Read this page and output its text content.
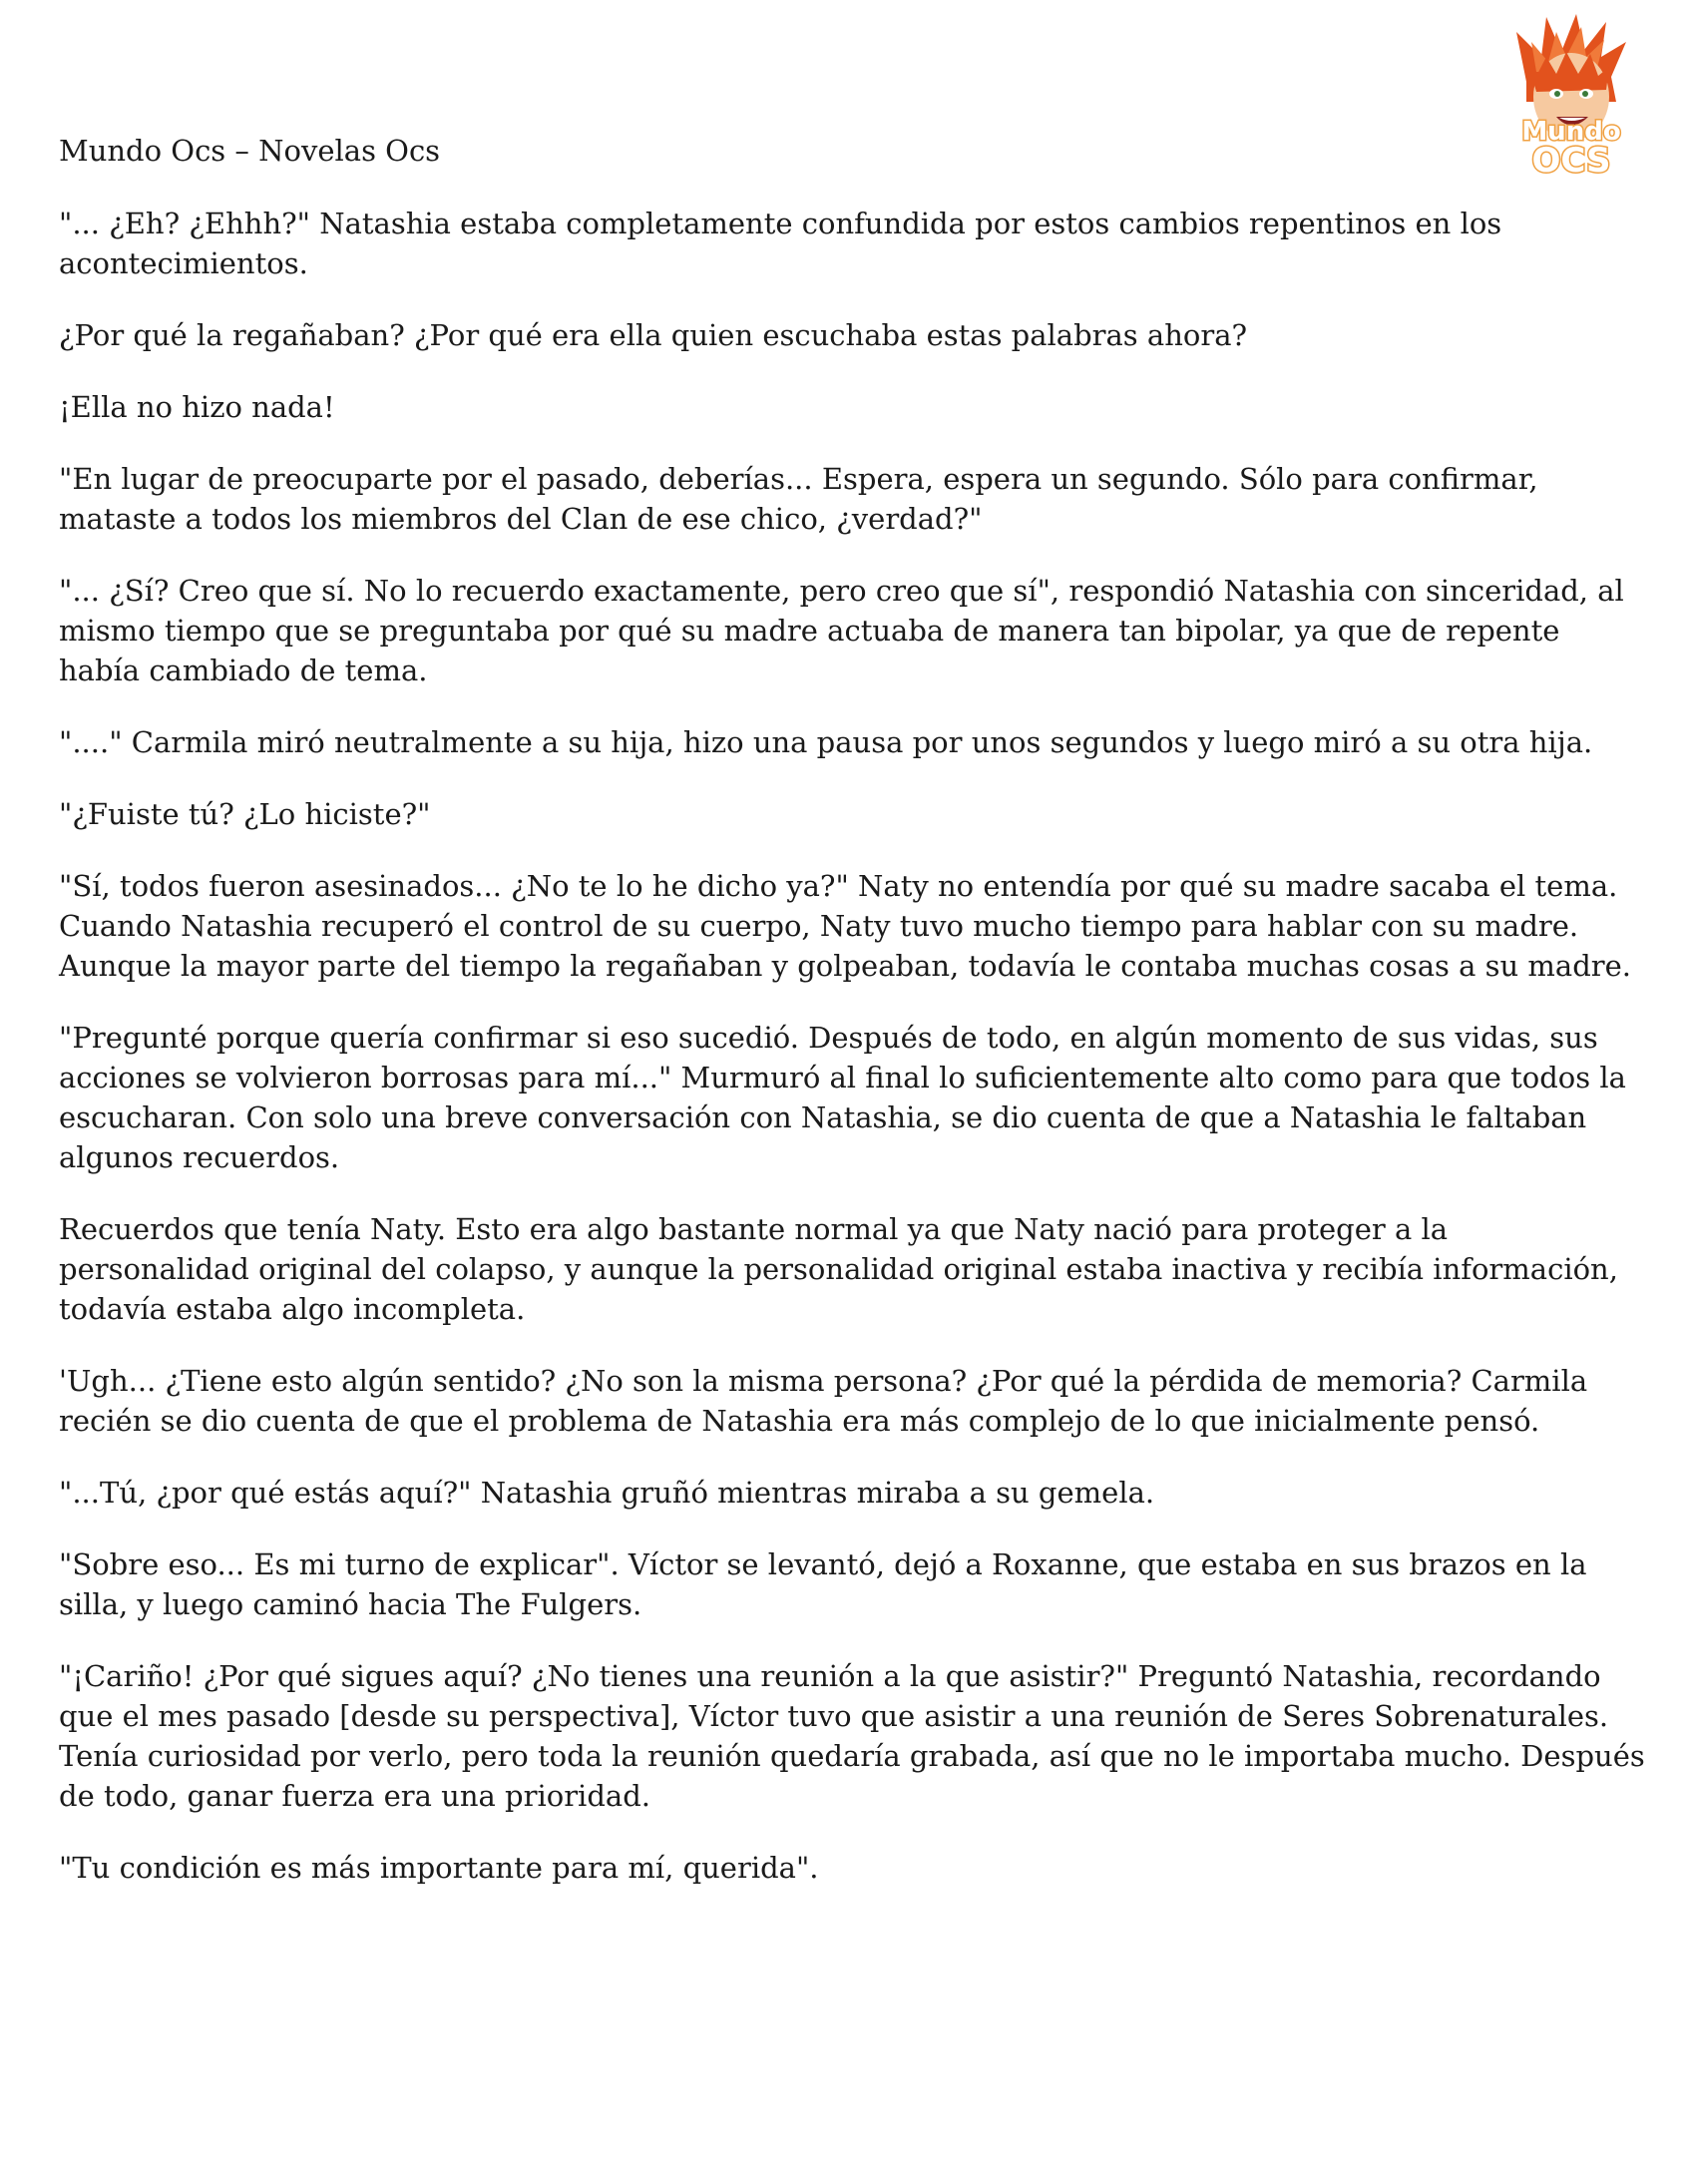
Mundo Ocs – Novelas Ocs
Mundo
OCS

"... ¿Eh? ¿Ehhh?" Natashia estaba completamente confundida por estos cambios repentinos en los acontecimientos.

¿Por qué la regañaban? ¿Por qué era ella quien escuchaba estas palabras ahora?

¡Ella no hizo nada!

"En lugar de preocuparte por el pasado, deberías... Espera, espera un segundo. Sólo para confirmar, mataste a todos los miembros del Clan de ese chico, ¿verdad?"

"... ¿Sí? Creo que sí. No lo recuerdo exactamente, pero creo que sí", respondió Natashia con sinceridad, al mismo tiempo que se preguntaba por qué su madre actuaba de manera tan bipolar, ya que de repente había cambiado de tema.

"...." Carmila miró neutralmente a su hija, hizo una pausa por unos segundos y luego miró a su otra hija.

"¿Fuiste tú? ¿Lo hiciste?"

"Sí, todos fueron asesinados... ¿No te lo he dicho ya?" Naty no entendía por qué su madre sacaba el tema. Cuando Natashia recuperó el control de su cuerpo, Naty tuvo mucho tiempo para hablar con su madre. Aunque la mayor parte del tiempo la regañaban y golpeaban, todavía le contaba muchas cosas a su madre.

"Pregunté porque quería confirmar si eso sucedió. Después de todo, en algún momento de sus vidas, sus acciones se volvieron borrosas para mí..." Murmuró al final lo suficientemente alto como para que todos la escucharan. Con solo una breve conversación con Natashia, se dio cuenta de que a Natashia le faltaban algunos recuerdos.

Recuerdos que tenía Naty. Esto era algo bastante normal ya que Naty nació para proteger a la personalidad original del colapso, y aunque la personalidad original estaba inactiva y recibía información, todavía estaba algo incompleta.

'Ugh... ¿Tiene esto algún sentido? ¿No son la misma persona? ¿Por qué la pérdida de memoria? Carmila recién se dio cuenta de que el problema de Natashia era más complejo de lo que inicialmente pensó.

"...Tú, ¿por qué estás aquí?" Natashia gruñó mientras miraba a su gemela.

"Sobre eso... Es mi turno de explicar". Víctor se levantó, dejó a Roxanne, que estaba en sus brazos en la silla, y luego caminó hacia The Fulgers.

"¡Cariño! ¿Por qué sigues aquí? ¿No tienes una reunión a la que asistir?" Preguntó Natashia, recordando que el mes pasado [desde su perspectiva], Víctor tuvo que asistir a una reunión de Seres Sobrenaturales. Tenía curiosidad por verlo, pero toda la reunión quedaría grabada, así que no le importaba mucho. Después de todo, ganar fuerza era una prioridad.

"Tu condición es más importante para mí, querida".
